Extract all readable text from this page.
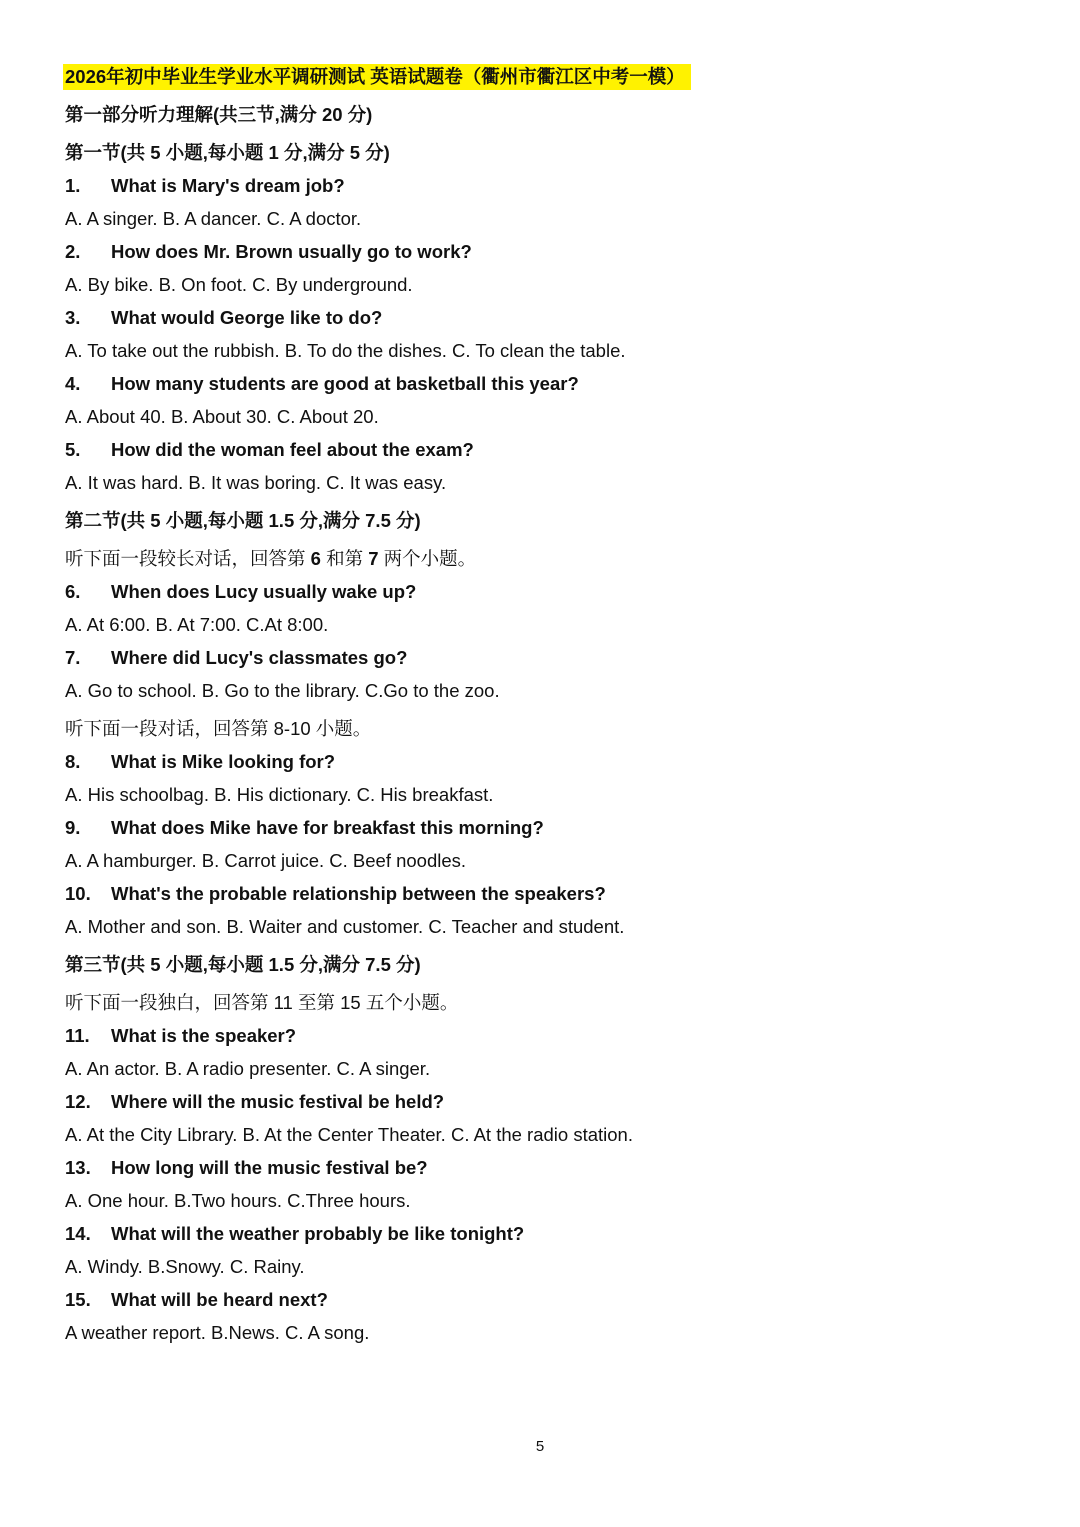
2026年初中毕业生学业水平调研测试 英语试题卷（衢州市衢江区中考一模）
第一部分听力理解(共三节,满分 20 分)
第一节(共 5 小题,每小题 1 分,满分 5 分)
1.	What is Mary's dream job?
A. A singer. B. A dancer. C. A doctor.
2.	How does Mr. Brown usually go to work?
A. By bike. B. On foot. C. By underground.
3.	What would George like to do?
A. To take out the rubbish. B. To do the dishes. C. To clean the table.
4.	How many students are good at basketball this year?
A. About 40. B. About 30. C. About 20.
5.	How did the woman feel about the exam?
A. It was hard. B. It was boring. C. It was easy.
第二节(共 5 小题,每小题 1.5 分,满分 7.5 分)
听下面一段较长对话，回答第 6 和第 7 两个小题。
6.	When does Lucy usually wake up?
A. At 6:00. B. At 7:00. C.At 8:00.
7.	Where did Lucy's classmates go?
A. Go to school. B. Go to the library. C.Go to the zoo.
听下面一段对话，回答第 8-10 小题。
8.	What is Mike looking for?
A. His schoolbag. B. His dictionary. C. His breakfast.
9.	What does Mike have for breakfast this morning?
A. A hamburger. B. Carrot juice. C. Beef noodles.
10.	What's the probable relationship between the speakers?
A. Mother and son. B. Waiter and customer. C. Teacher and student.
第三节(共 5 小题,每小题 1.5 分,满分 7.5 分)
听下面一段独白，回答第 11 至第 15 五个小题。
11.	What is the speaker?
A. An actor. B. A radio presenter. C. A singer.
12.	Where will the music festival be held?
A. At the City Library. B. At the Center Theater. C. At the radio station.
13.	How long will the music festival be?
A. One hour. B.Two hours. C.Three hours.
14.	What will the weather probably be like tonight?
A. Windy. B.Snowy. C. Rainy.
15.	What will be heard next?
A weather report. B.News. C. A song.
5
